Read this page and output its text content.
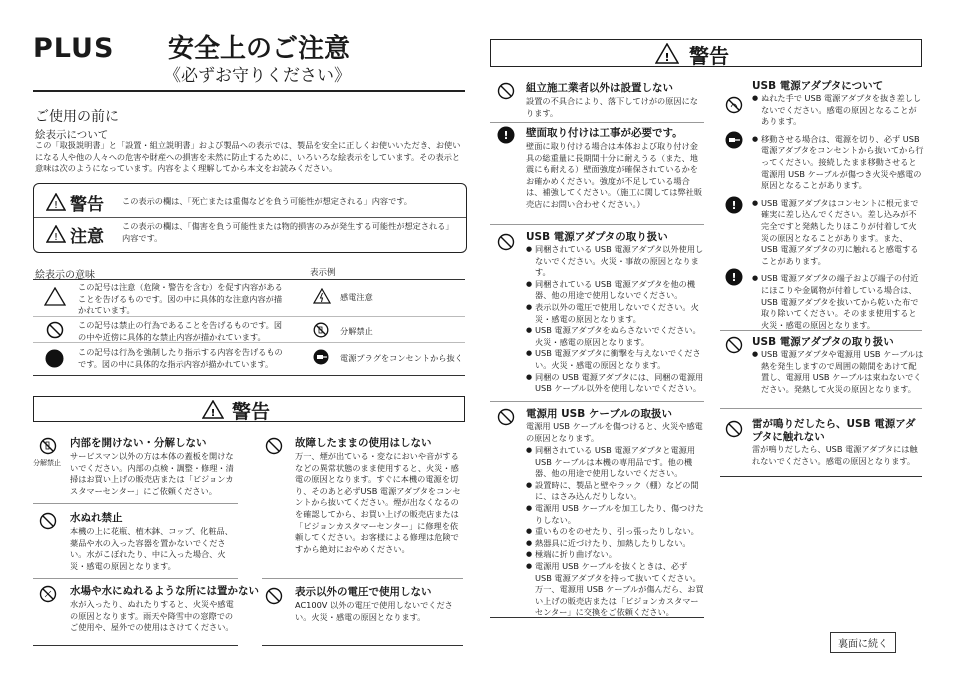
PLUS 安全上のご注意
《必ずお守りください》
ご使用の前に
絵表示について
この「取扱説明書」と「設置・組立説明書」および製品への表示では、製品を安全に正しくお使いいただき、お使いになる人や他の人々への危害や財産への損害を未然に防止するために、いろいろな絵表示をしています。その表示と意味は次のようになっています。内容をよく理解してから本文をお読みください。
! 警告 この表示の欄は、「死亡または重傷などを負う可能性が想定される」内容です。
! 注意
この表示の欄は、「傷害を負う可能性または物的損害のみが発生する可能性が想定される」内容です。
絵表示の意味	表示例
この記号は注意（危険・警告を含む）を促す内容があることを告げるものです。図の中に具体的な注意内容が描かれています。
感電注意
この記号は禁止の行為であることを告げるものです。図の中や近傍に具体的な禁止内容が描かれています。
分解禁止
この記号は行為を強制したり指示する内容を告げるものです。図の中に具体的な指示内容が描かれています。
電源プラグをコンセントから抜く
! 警告
分解禁止
内部を開けない・分解しない
サービスマン以外の方は本体の蓋板を開けないでください。内部の点検・調整・修理・清掃はお買い上げの販売店または「ビジョンカスタマーセンター」にご依頼ください。
水ぬれ禁止
本機の上に花瓶、植木鉢、コップ、化粧品、薬品や水の入った容器を置かないでください。水がこぼれたり、中に入った場合、火災・感電の原因となります。
水場や水にぬれるような所には置かない
水が入ったり、ぬれたりすると、火災や感電の原因となります。雨天や降雪中の窓際でのご使用や、屋外での使用はさけてください。
故障したままの使用はしない
万一、煙が出ている・変なにおいや音がするなどの異常状態のまま使用すると、火災・感電の原因となります。すぐに本機の電源を切り、そのあと必ずUSB 電源アダプタをコンセントから抜いてください。煙が出なくなるのを確認してから、お買い上げの販売店または「ビジョンカスタマーセンター」に修理を依頼してください。お客様による修理は危険ですから絶対におやめください。
表示以外の電圧で使用しない
AC100V 以外の電圧で使用しないでください。火災・感電の原因となります。
! 警告
組立施工業者以外は設置しない
設置の不具合により、落下してけがの原因になります。
! 壁面取り付けは工事が必要です。
壁面に取り付ける場合は本体および取り付け金具の総重量に長期間十分に耐えうる（また、地震にも耐える）壁面強度が確保されているかをお確かめください。強度が不足している場合は、補強してください。（施工に関しては弊社販売店にお問い合わせください。）
USB 電源アダプタの取り扱い
● 同梱されている USB 電源アダプタ以外使用しないでください。火災・事故の原因となります。
● 同梱されている USB 電源アダプタを他の機器、他の用途で使用しないでください。
● 表示以外の電圧で使用しないでください。火災・感電の原因となります。
● USB 電源アダプタをぬらさないでください。火災・感電の原因となります。
● USB 電源アダプタに衝撃を与えないでください。火災・感電の原因となります。
● 同梱の USB 電源アダプタには、同梱の電源用 USB ケーブル以外を使用しないでください。
電源用 USB ケーブルの取扱い
電源用 USB ケーブルを傷つけると、火災や感電の原因となります。
● 同梱されている USB 電源アダプタと電源用 USB ケーブルは本機の専用品です。他の機器、他の用途で使用しないでください。
● 設置時に、製品と壁やラック（棚）などの間に、はさみ込んだりしない。
● 電源用 USB ケーブルを加工したり、傷つけたりしない。
● 重いものをのせたり、引っ張ったりしない。
● 熱器具に近づけたり、加熱したりしない。
● 極端に折り曲げない。
● 電源用 USB ケーブルを抜くときは、必ず USB 電源アダプタを持って抜いてください。万一、電源用 USB ケーブルが傷んだら、お買い上げの販売店または「ビジョンカスタマーセンター」に交換をご依頼ください。
USB 電源アダプタについて
● ぬれた手で USB 電源アダプタを抜き差ししないでください。感電の原因となることがあります。
● 移動させる場合は、電源を切り、必ず USB 電源アダプタをコンセントから抜いてから行ってください。接続したまま移動させると電源用 USB ケーブルが傷つき火災や感電の原因となることがあります。
● USB 電源アダプタはコンセントに根元まで確実に差し込んでください。差し込みが不完全ですと発熱したりほこりが付着して火災の原因となることがあります。また、USB 電源アダプタの刃に触れると感電することがあります。
● USB 電源アダプタの端子および端子の付近にほこりや金属物が付着している場合は、USB 電源アダプタを抜いてから乾いた布で取り除いてください。そのまま使用すると火災・感電の原因となります。
!
!
USB 電源アダプタの取り扱い
● USB 電源アダプタや電源用 USB ケーブルは熱を発生しますので周囲の隙間をあけて配置し、電源用 USB ケーブルは束ねないでください。発熱して火災の原因となります。
雷が鳴りだしたら、USB 電源アダプタに触れない
雷が鳴りだしたら、USB 電源アダプタには触れないでください。感電の原因となります。
裏面に続く
